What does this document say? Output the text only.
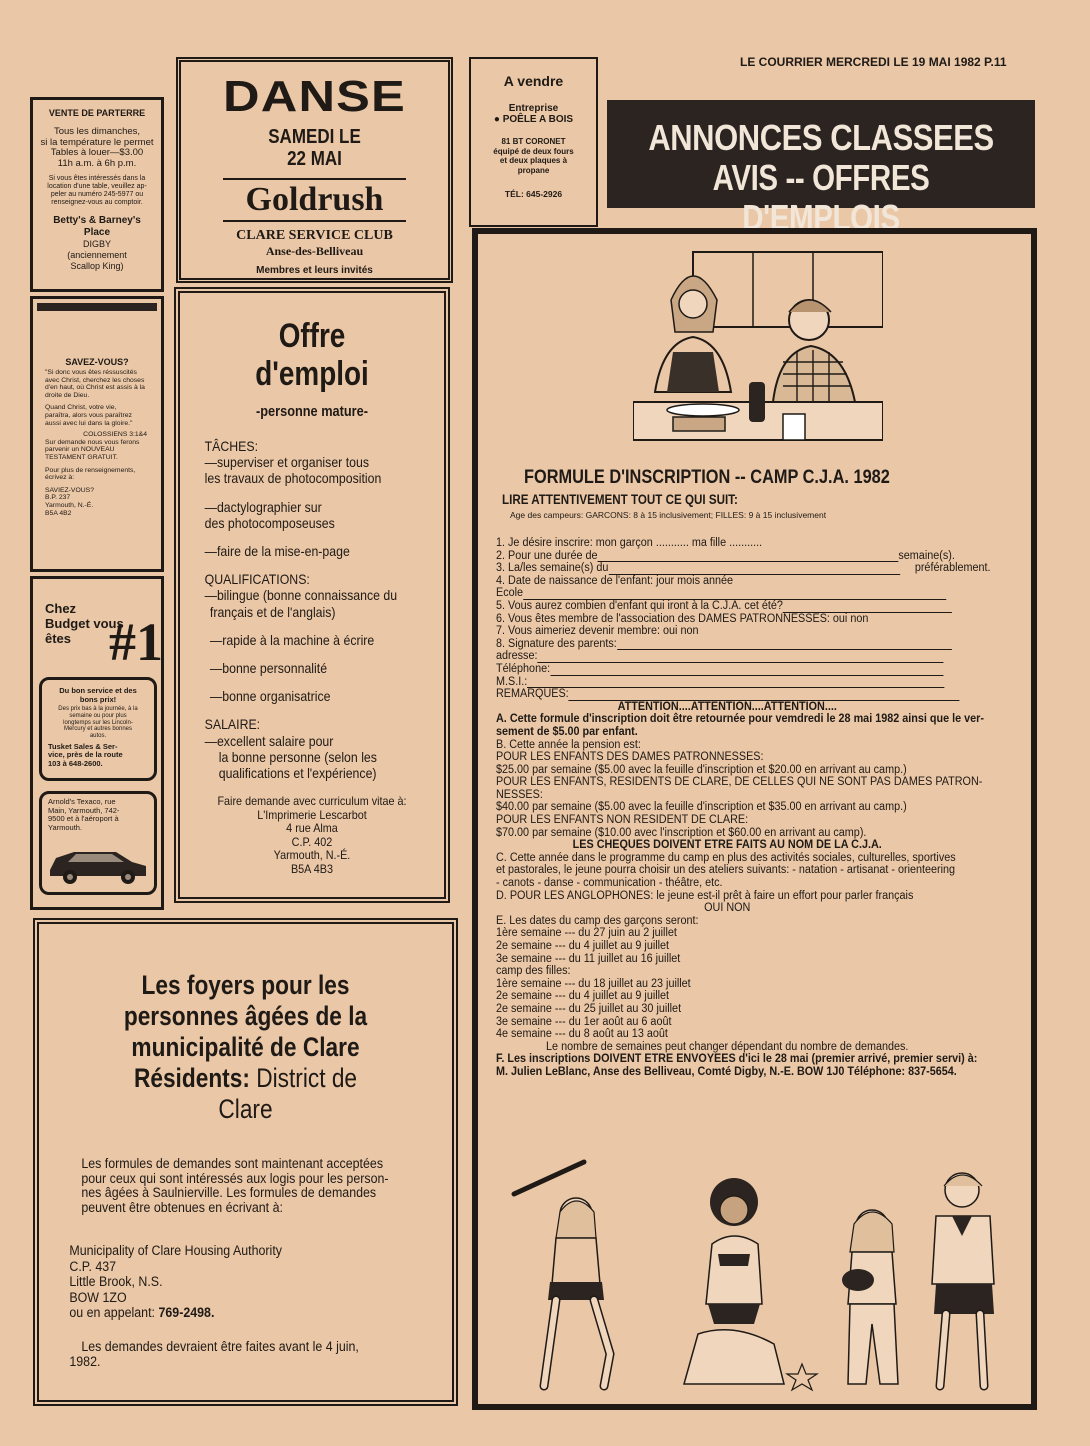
LE COURRIER MERCREDI LE 19 MAI 1982 P.11
ANNONCES CLASSEES
AVIS -- OFFRES D'EMPLOIS
VENTE DE PARTERRE
Tous les dimanches,
si la température le permet
Tables à louer—$3.00
11h a.m. à 6h p.m.
Si vous êtes intéressés dans la
location d'une table, veuillez ap-
peler au numéro 245-5977 ou
renseignez-vous au comptoir.
Betty's & Barney's
Place
DIGBY
(anciennement
Scallop King)
SAVEZ-VOUS?
"Si donc vous êtes réssuscités
avec Christ, cherchez les choses
d'en haut, où Christ est assis à la
droite de Dieu.
Quand Christ, votre vie,
paraîtra, alors vous paraîtrez
aussi avec lui dans la gloire."
COLOSSIENS 3:1&4
Sur demande nous vous ferons
parvenir un NOUVEAU
TESTAMENT GRATUIT.
Pour plus de renseignements,
écrivez à:
SAVIEZ-VOUS?
B.P. 237
Yarmouth, N.-É.
B5A 4B2
Chez
Budget vous
êtes #1
Du bon service et des
bons prix!
Des prix bas à la journée, à la
semaine ou pour plus
longtemps sur les Lincoln-
Mercury et autres bonnes
autos.
Tusket Sales & Ser-
vice, près de la route
103 à 648-2600.
Arnold's Texaco, rue
Main, Yarmouth, 742-
9500 et à l'aéroport à
Yarmouth.
DANSE
SAMEDI LE
22 MAI
Goldrush
CLARE SERVICE CLUB
Anse-des-Belliveau
Membres et leurs invités
A vendre
Entreprise
● POÊLE A BOIS
81 BT CORONET
équipé de deux fours
et deux plaques à
propane
TÉL: 645-2926
Offre
d'emploi
-personne mature-
TÂCHES:
—superviser et organiser tous
les travaux de photocomposition
—dactylographier sur
des photocomposeuses
—faire de la mise-en-page
QUALIFICATIONS:
—bilingue (bonne connaissance du
français et de l'anglais)
—rapide à la machine à écrire
—bonne personnalité
—bonne organisatrice
SALAIRE:
—excellent salaire pour
la bonne personne (selon les
qualifications et l'expérience)
Faire demande avec curriculum vitae à:
L'Imprimerie Lescarbot
4 rue Alma
C.P. 402
Yarmouth, N.-É.
B5A 4B3
Les foyers pour les
personnes âgées de la
municipalité de Clare
Résidents: District de
Clare
Les formules de demandes sont maintenant acceptées
pour ceux qui sont intéressés aux logis pour les person-
nes âgées à Saulnierville. Les formules de demandes
peuvent être obtenues en écrivant à:
Municipality of Clare Housing Authority
C.P. 437
Little Brook, N.S.
BOW 1ZO
ou en appelant: 769-2498.
Les demandes devraient être faites avant le 4 juin,
1982.
FORMULE D'INSCRIPTION -- CAMP C.J.A. 1982
LIRE ATTENTIVEMENT TOUT CE QUI SUIT:
Age des campeurs: GARCONS: 8 à 15 inclusivement; FILLES: 9 à 15 inclusivement
1. Je désire inscrire: mon garçon ........... ma fille ...........
2. Pour une durée de	semaine(s).
3. La/les semaine(s) du	préférablement.
4. Date de naissance de l'enfant: jour mois année
Ecole
5. Vous aurez combien d'enfant qui iront à la C.J.A. cet été?
6. Vous êtes membre de l'association des DAMES PATRONNESSES: oui non
7. Vous aimeriez devenir membre: oui non
8. Signature des parents:
adresse:
Téléphone:
M.S.I.:
REMARQUES:
ATTENTION....ATTENTION....ATTENTION....
A. Cette formule d'inscription doit être retournée pour vemdredi le 28 mai 1982 ainsi que le ver-
sement de $5.00 par enfant.
B. Cette année la pension est:
POUR LES ENFANTS DES DAMES PATRONNESSES:
$25.00 par semaine ($5.00 avec la feuille d'inscription et $20.00 en arrivant au camp.)
POUR LES ENFANTS, RESIDENTS DE CLARE, DE CELLES QUI NE SONT PAS DAMES PATRON-
NESSES:
$40.00 par semaine ($5.00 avec la feuille d'inscription et $35.00 en arrivant au camp.)
POUR LES ENFANTS NON RESIDENT DE CLARE:
$70.00 par semaine ($10.00 avec l'inscription et $60.00 en arrivant au camp).
LES CHEQUES DOIVENT ETRE FAITS AU NOM DE LA C.J.A.
C. Cette année dans le programme du camp en plus des activités sociales, culturelles, sportives
et pastorales, le jeune pourra choisir un des ateliers suivants: - natation - artisanat - orienteering
- canots - danse - communication - théâtre, etc.
D. POUR LES ANGLOPHONES: le jeune est-il prêt à faire un effort pour parler français
OUI NON
E. Les dates du camp des garçons seront:
1ère semaine --- du 27 juin au 2 juillet
2e semaine --- du 4 juillet au 9 juillet
3e semaine --- du 11 juillet au 16 juillet
camp des filles:
1ère semaine --- du 18 juillet au 23 juillet
2e semaine --- du 4 juillet au 9 juillet
2e semaine --- du 25 juillet au 30 juillet
3e semaine --- du 1er août au 6 août
4e semaine --- du 8 août au 13 août
Le nombre de semaines peut changer dépendant du nombre de demandes.
F. Les inscriptions DOIVENT ETRE ENVOYEES d'ici le 28 mai (premier arrivé, premier servi) à:
M. Julien LeBlanc, Anse des Belliveau, Comté Digby, N.-E. BOW 1J0 Téléphone: 837-5654.
